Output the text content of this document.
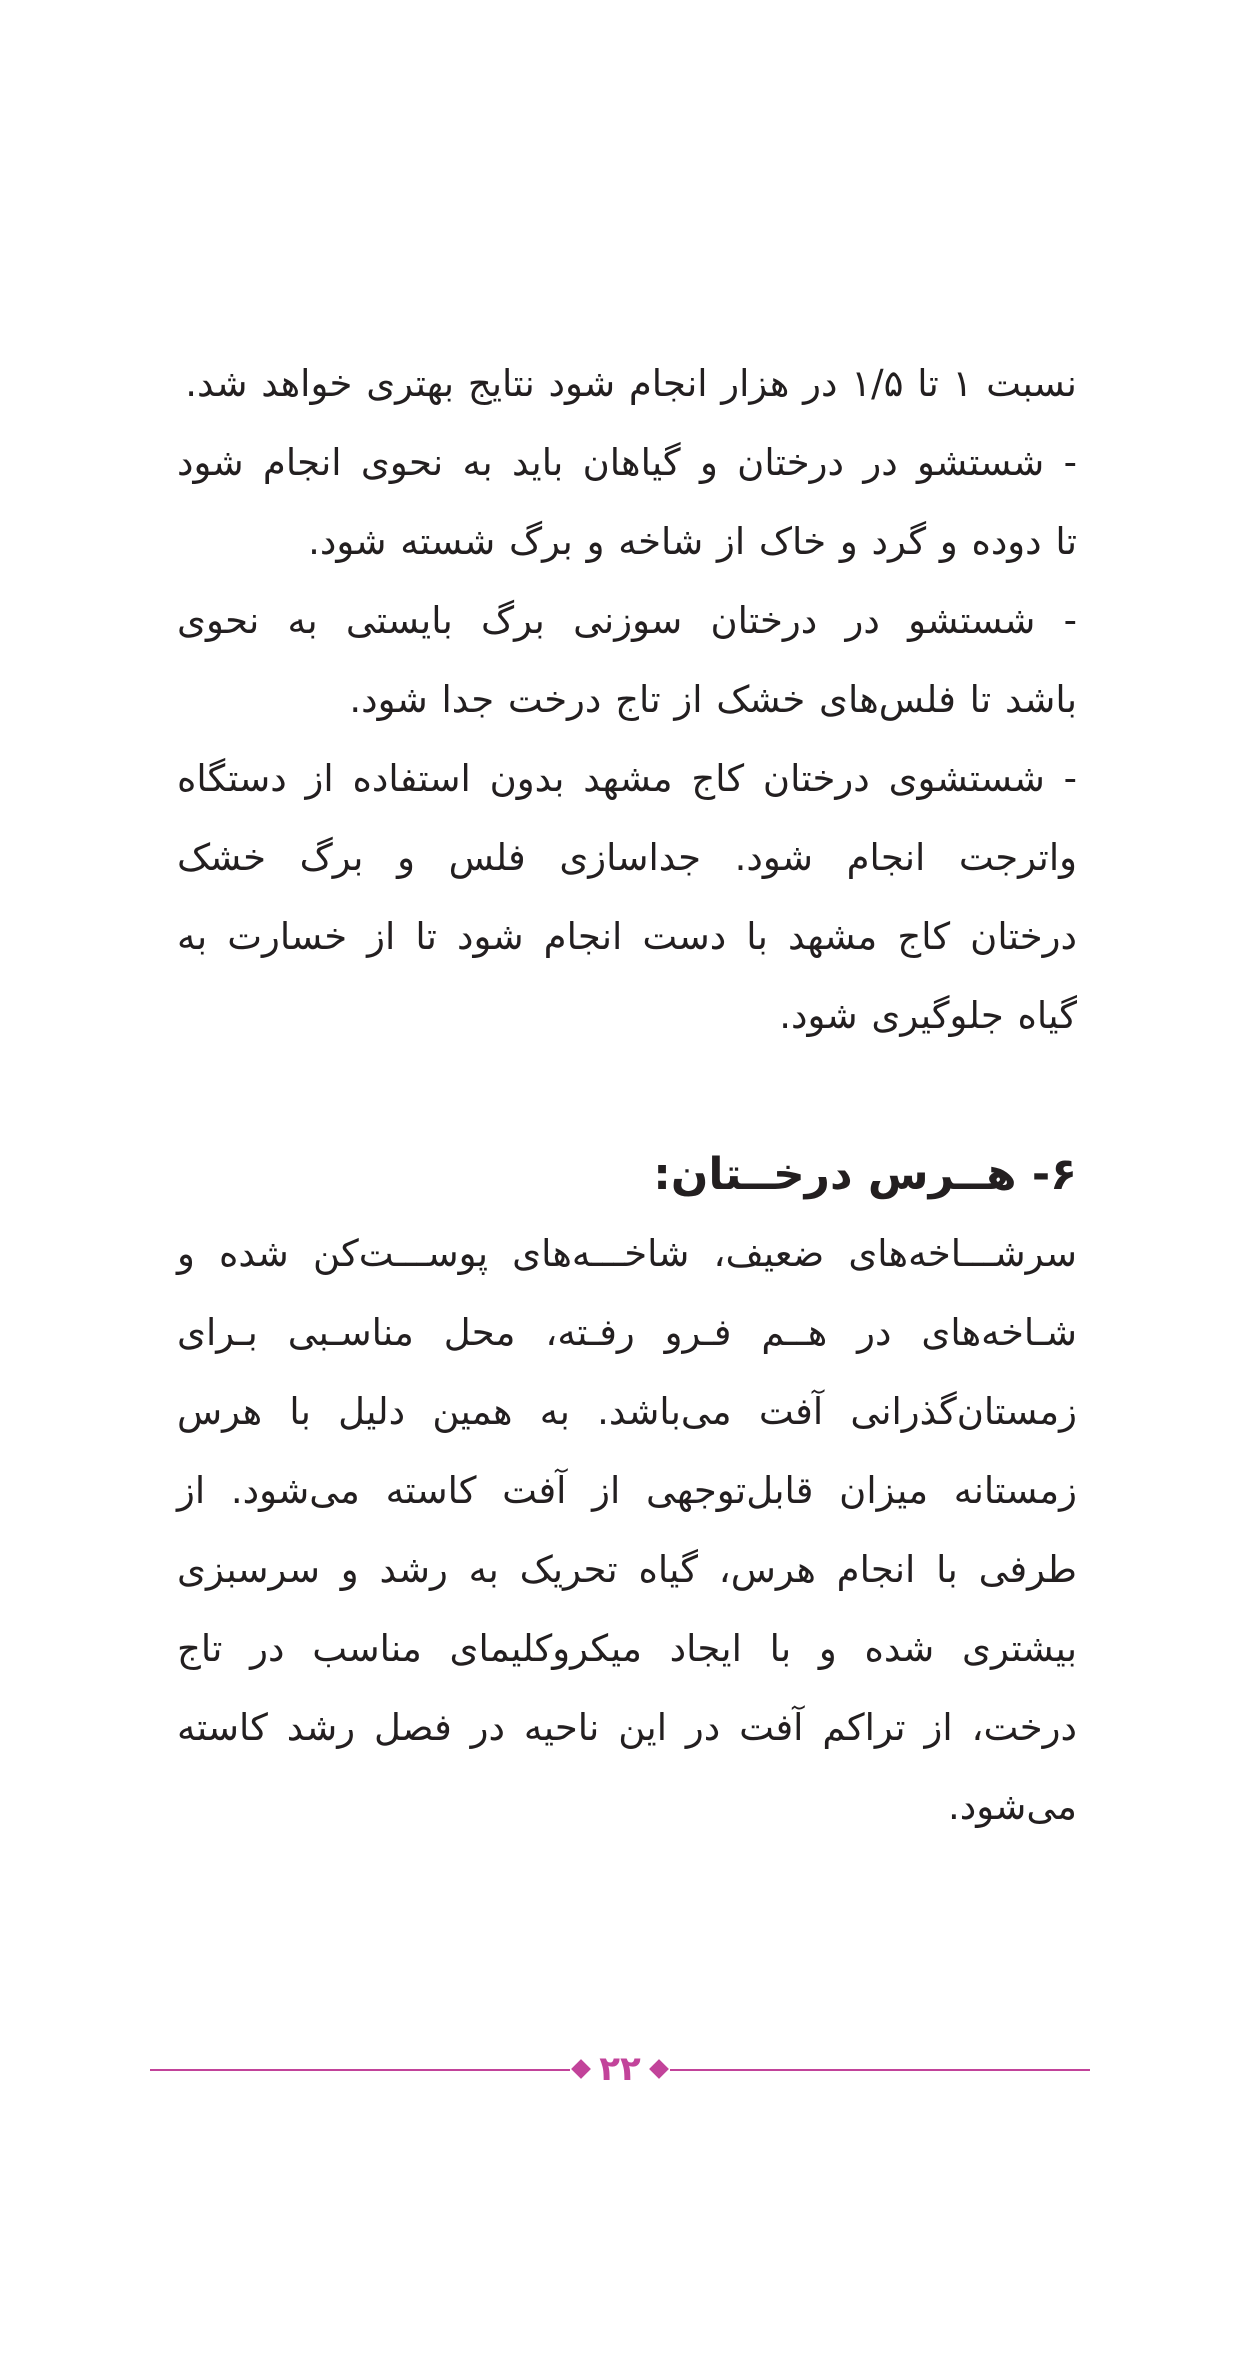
نسبت ۱ تا ۱/۵ در هزار انجام شود نتایج بهتری خواهد شد.
- شستشو در درختان و گیاهان باید به نحوی انجام شود
تا دوده و گرد و خاک از شاخه و برگ شسته شود.
- شستشو در درختان سوزنی برگ بایستی به نحوی
باشد تا فلس‌های خشک از تاج درخت جدا شود.
- شستشوی درختان کاج مشهد بدون استفاده از دستگاه
واترجت انجام شود. جداسازی فلس و برگ خشک
درختان کاج مشهد با دست انجام شود تا از خسارت به
گیاه جلوگیری شود.
۶- هــرس درخــتان:
سرشـــاخه‌های ضعیف، شاخـــه‌های پوســـت‌کن شده و
شـاخه‌های در هــم فـرو رفـته، محل مناسـبی بـرای
زمستان‌گذرانی آفت می‌باشد. به همین دلیل با هرس
زمستانه میزان قابل‌توجهی از آفت کاسته می‌شود. از
طرفی با انجام هرس، گیاه تحریک به رشد و سرسبزی
بیشتری شده و با ایجاد میکروکلیمای مناسب در تاج
درخت، از تراکم آفت در این ناحیه در فصل رشد کاسته
می‌شود.
۲۲
